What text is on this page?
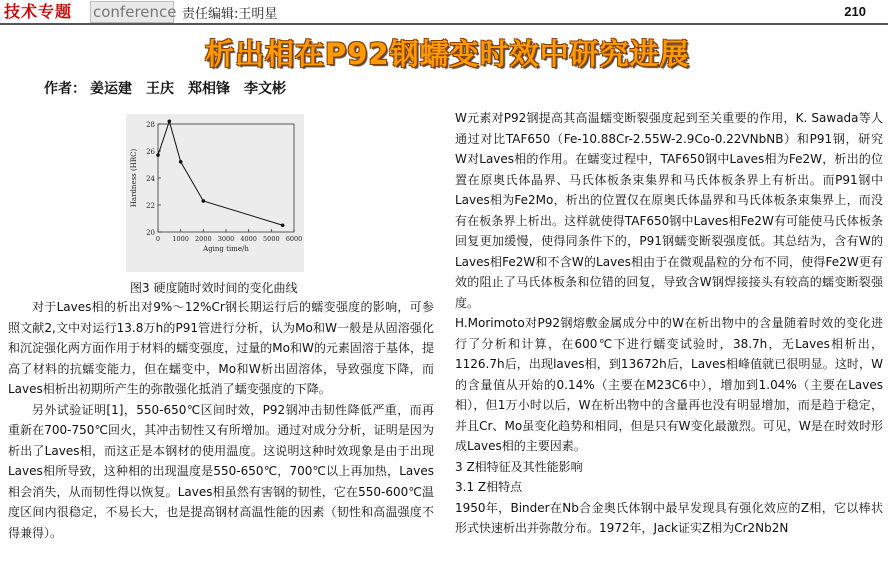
技术专题	conference 责任编辑:王明星	210
析出相在P92钢蠕变时效中研究进展
作者： 姜运建 王庆 郑相锋 李文彬
20
22
24
26
28
0 1000 2000 3000 4000 5000 6000
Aging time/h
Hardness (HRC)
图3 硬度随时效时间的变化曲线

对于Laves相的析出对9%～12%Cr钢长期运行后的蠕变强度的影响，可参照文献2,文中对运行13.8万h的P91管进行分析，认为Mo和W一般是从固溶强化和沉淀强化两方面作用于材料的蠕变强度，过量的Mo和W的元素固溶于基体，提高了材料的抗蠕变能力，但在蠕变中，Mo和W析出固溶体，导致强度下降，而Laves相析出初期所产生的弥散强化抵消了蠕变强度的下降。

另外试验证明[1]，550-650℃区间时效，P92钢冲击韧性降低严重，而再重新在700-750℃回火，其冲击韧性又有所增加。通过对成分分析，证明是因为析出了Laves相，而这正是本钢材的使用温度。这说明这种时效现象是由于出现Laves相所导致，这种相的出现温度是550-650℃，700℃以上再加热，Laves相会消失，从而韧性得以恢复。Laves相虽然有害钢的韧性，它在550-600℃温度区间内很稳定，不易长大，也是提高钢材高温性能的因素（韧性和高温强度不得兼得）。

W元素对P92钢提高其高温蠕变断裂强度起到至关重要的作用，K. Sawada等人通过对比TAF650（Fe-10.88Cr-2.55W-2.9Co-0.22VNbNB）和P91钢，研究W对Laves相的作用。在蠕变过程中，TAF650钢中Laves相为Fe2W，析出的位置在原奥氏体晶界、马氏体板条束集界和马氏体板条界上有析出。而P91钢中Laves相为Fe2Mo，析出的位置仅在原奥氏体晶界和马氏体板条束集界上，而没有在板条界上析出。这样就使得TAF650钢中Laves相Fe2W有可能使马氏体板条回复更加缓慢，使得同条件下的，P91钢蠕变断裂强度低。其总结为，含有W的Laves相Fe2W和不含W的Laves相由于在微观晶粒的分布不同，使得Fe2W更有效的阻止了马氏体板条和位错的回复，导致含W钢焊接接头有较高的蠕变断裂强度。

H.Morimoto对P92钢熔敷金属成分中的W在析出物中的含量随着时效的变化进行了分析和计算，在600℃下进行蠕变试验时，38.7h，无Laves相析出，1126.7h后，出现laves相，到13672h后，Laves相峰值就已很明显。这时，W的含量值从开始的0.14%（主要在M23C6中），增加到1.04%（主要在Laves相），但1万小时以后，W在析出物中的含量再也没有明显增加，而是趋于稳定，并且Cr、Mo虽变化趋势和相同，但是只有W变化最激烈。可见，W是在时效时形成Laves相的主要因素。

3 Z相特征及其性能影响

3.1 Z相特点

1950年，Binder在Nb合金奥氏体钢中最早发现具有强化效应的Z相，它以棒状形式快速析出并弥散分布。1972年，Jack证实Z相为Cr2Nb2N
